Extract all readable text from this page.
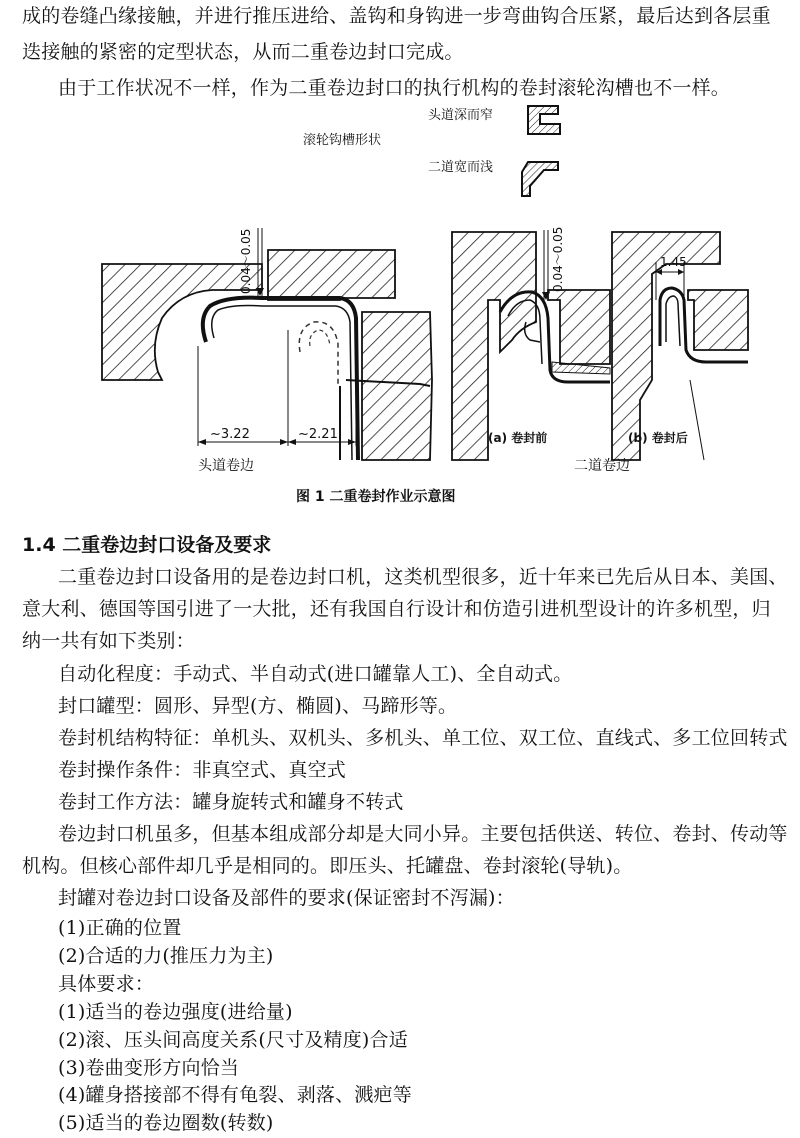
成的卷缝凸缘接触，并进行推压进给、盖钩和身钩进一步弯曲钩合压紧，最后达到各层重
迭接触的紧密的定型状态，从而二重卷边封口完成。
由于工作状况不一样，作为二重卷边封口的执行机构的卷封滚轮沟槽也不一样。
头道深而窄
滚轮钩槽形状
二道宽而浅
0.04～0.05
~3.22	~2.21
0.04～0.05	1.45
(a) 卷封前	(b) 卷封后
头道卷边	二道卷边
图 1 二重卷封作业示意图
1.4 二重卷边封口设备及要求
二重卷边封口设备用的是卷边封口机，这类机型很多，近十年来已先后从日本、美国、
意大利、德国等国引进了一大批，还有我国自行设计和仿造引进机型设计的许多机型，归
纳一共有如下类别：
自动化程度：手动式、半自动式(进口罐靠人工)、全自动式。
封口罐型：圆形、异型(方、椭圆)、马蹄形等。
卷封机结构特征：单机头、双机头、多机头、单工位、双工位、直线式、多工位回转式
卷封操作条件：非真空式、真空式
卷封工作方法：罐身旋转式和罐身不转式
卷边封口机虽多，但基本组成部分却是大同小异。主要包括供送、转位、卷封、传动等
机构。但核心部件却几乎是相同的。即压头、托罐盘、卷封滚轮(导轨)。
封罐对卷边封口设备及部件的要求(保证密封不泻漏)：
(1)正确的位置
(2)合适的力(推压力为主)
具体要求：
(1)适当的卷边强度(进给量)
(2)滚、压头间高度关系(尺寸及精度)合适
(3)卷曲变形方向恰当
(4)罐身搭接部不得有龟裂、剥落、溅疤等
(5)适当的卷边圈数(转数)
